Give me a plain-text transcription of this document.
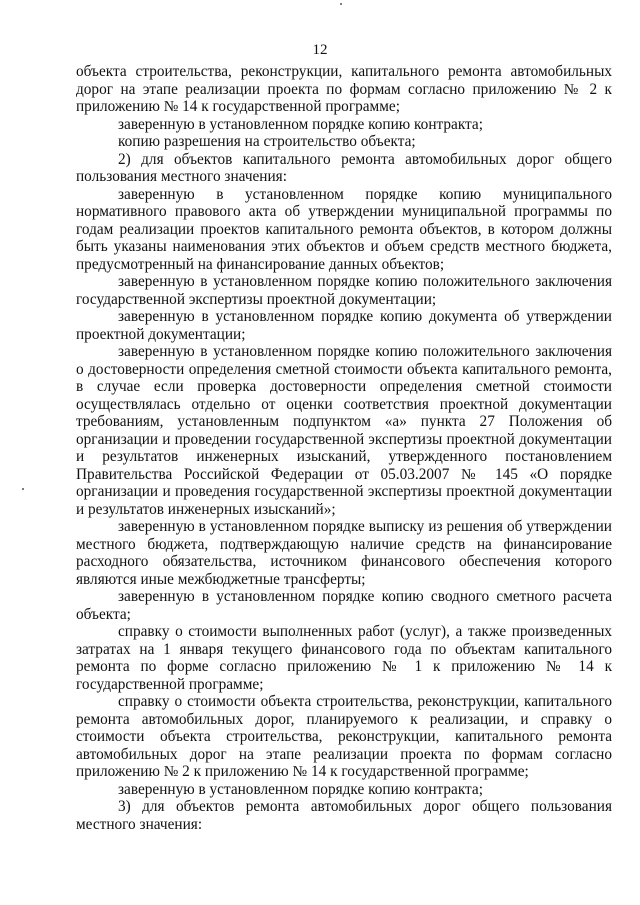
12

объекта строительства, реконструкции, капитального ремонта автомобильных дорог на этапе реализации проекта по формам согласно приложению № 2 к приложению № 14 к государственной программе;

заверенную в установленном порядке копию контракта;

копию разрешения на строительство объекта;

2) для объектов капитального ремонта автомобильных дорог общего пользования местного значения:

заверенную в установленном порядке копию муниципального нормативного правового акта об утверждении муниципальной программы по годам реализации проектов капитального ремонта объектов, в котором должны быть указаны наименования этих объектов и объем средств местного бюджета, предусмотренный на финансирование данных объектов;

заверенную в установленном порядке копию положительного заключения государственной экспертизы проектной документации;

заверенную в установленном порядке копию документа об утверждении проектной документации;

заверенную в установленном порядке копию положительного заключения о достоверности определения сметной стоимости объекта капитального ремонта, в случае если проверка достоверности определения сметной стоимости осуществлялась отдельно от оценки соответствия проектной документации требованиям, установленным подпунктом «а» пункта 27 Положения об организации и проведении государственной экспертизы проектной документации и результатов инженерных изысканий, утвержденного постановлением Правительства Российской Федерации от 05.03.2007 № 145 «О порядке организации и проведения государственной экспертизы проектной документации и результатов инженерных изысканий»;

заверенную в установленном порядке выписку из решения об утверждении местного бюджета, подтверждающую наличие средств на финансирование расходного обязательства, источником финансового обеспечения которого являются иные межбюджетные трансферты;

заверенную в установленном порядке копию сводного сметного расчета объекта;

справку о стоимости выполненных работ (услуг), а также произведенных затратах на 1 января текущего финансового года по объектам капитального ремонта по форме согласно приложению № 1 к приложению № 14 к государственной программе;

справку о стоимости объекта строительства, реконструкции, капитального ремонта автомобильных дорог, планируемого к реализации, и справку о стоимости объекта строительства, реконструкции, капитального ремонта автомобильных дорог на этапе реализации проекта по формам согласно приложению № 2 к приложению № 14 к государственной программе;

заверенную в установленном порядке копию контракта;

3) для объектов ремонта автомобильных дорог общего пользования местного значения:
